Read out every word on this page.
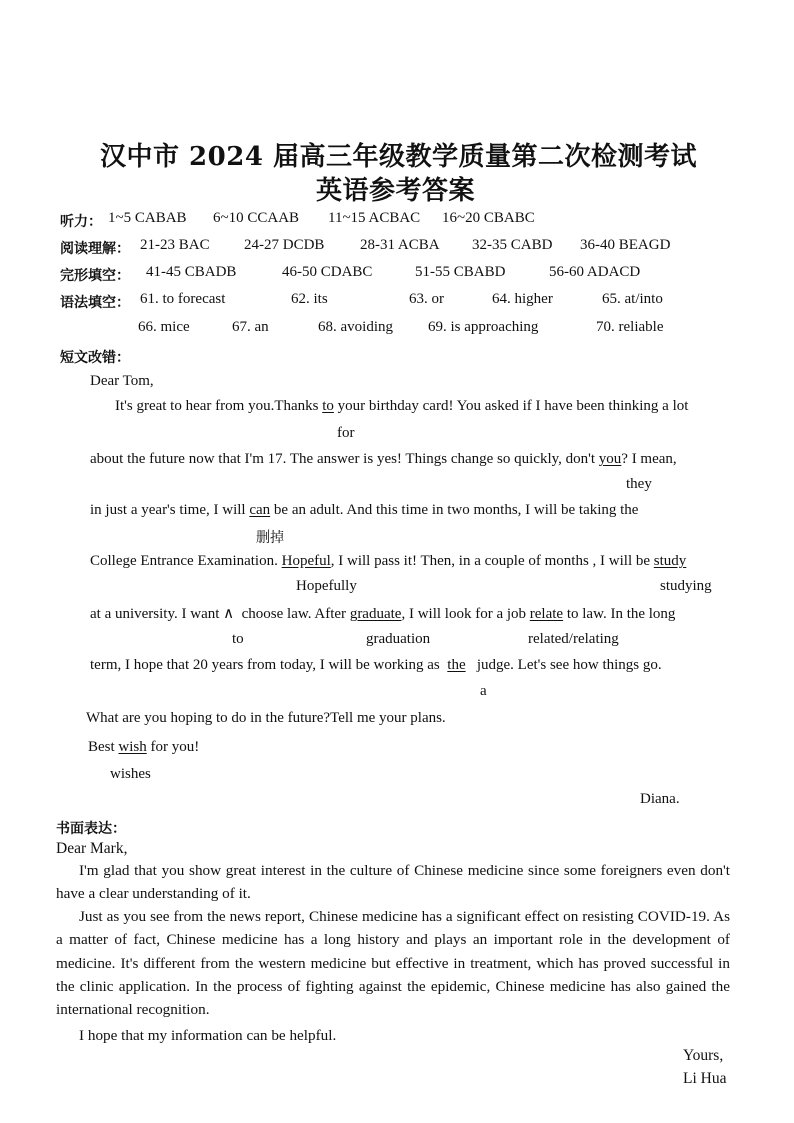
汉中市 2024 届高三年级教学质量第二次检测考试
英语参考答案
听力： 1~5 CABAB 6~10 CCAAB 11~15 ACBAC 16~20 CBABC
阅读理解： 21-23 BAC 24-27 DCDB 28-31 ACBA 32-35 CABD 36-40 BEAGD
完形填空： 41-45 CBADB	46-50 CDABC	51-55 CBABD	56-60 ADACD
语法填空： 61. to forecast	62. its	63. or	64. higher	65. at/into
66. mice	67. an	68. avoiding 69. is approaching	70. reliable
短文改错：
Dear Tom,
It's great to hear from you.Thanks to your birthday card! You asked if I have been thinking a lot
for
about the future now that I'm 17. The answer is yes! Things change so quickly, don't you? I mean,
they
in just a year's time, I will can be an adult. And this time in two months, I will be taking the
删掉
College Entrance Examination. Hopeful, I will pass it! Then, in a couple of months , I will be study
Hopefully	studying
at a university. I want ∧ choose law. After graduate, I will look for a job relate to law. In the long
to	graduation	related/relating
term, I hope that 20 years from today, I will be working as the judge. Let's see how things go.
a
What are you hoping to do in the future?Tell me your plans.
Best wish for you!
wishes
Diana.
书面表达：
Dear Mark,
I'm glad that you show great interest in the culture of Chinese medicine since some foreigners even don't have a clear understanding of it.
Just as you see from the news report, Chinese medicine has a significant effect on resisting COVID-19. As a matter of fact, Chinese medicine has a long history and plays an important role in the development of medicine. It's different from the western medicine but effective in treatment, which has proved successful in the clinic application. In the process of fighting against the epidemic, Chinese medicine has also gained the international recognition.
I hope that my information can be helpful.
Yours,
Li Hua
